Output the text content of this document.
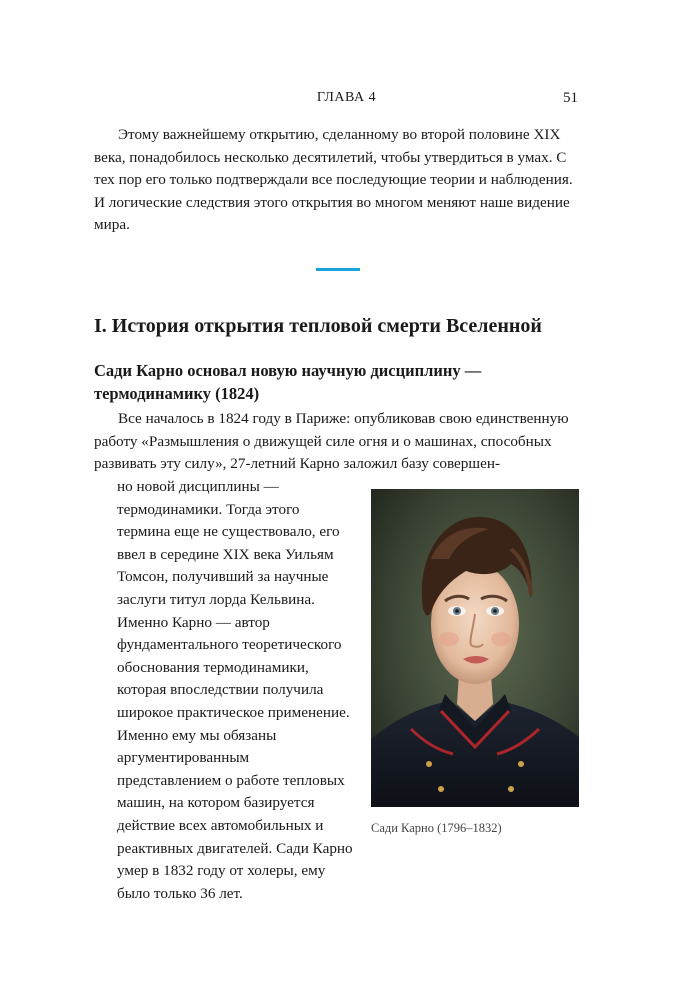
ГЛАВА 4	51

Этому важнейшему открытию, сделанному во второй половине XIX века, понадобилось несколько десятилетий, чтобы утвердиться в умах. С тех пор его только подтверждали все последующие теории и наблюдения. И логические следствия этого открытия во многом меняют наше видение мира.

I. История открытия тепловой смерти Вселенной
Сади Карно основал новую научную дисциплину — термодинамику (1824)

Все началось в 1824 году в Париже: опубликовав свою единственную работу «Размышления о движущей силе огня и о машинах, способных развивать эту силу», 27-летний Карно заложил базу совершен-

но новой дисциплины — термодинамики. Тогда этого термина еще не существовало, его ввел в середине XIX века Уильям Томсон, получивший за научные заслуги титул лорда Кельвина. Именно Карно — автор фундаментального теоретического обоснования термодинамики, которая впоследствии получила широкое практическое применение. Именно ему мы обязаны аргументированным представлением о работе тепловых машин, на котором базируется действие всех автомобильных и реактивных двигателей. Сади Карно умер в 1832 году от холеры, ему было только 36 лет.

Сади Карно (1796–1832)
